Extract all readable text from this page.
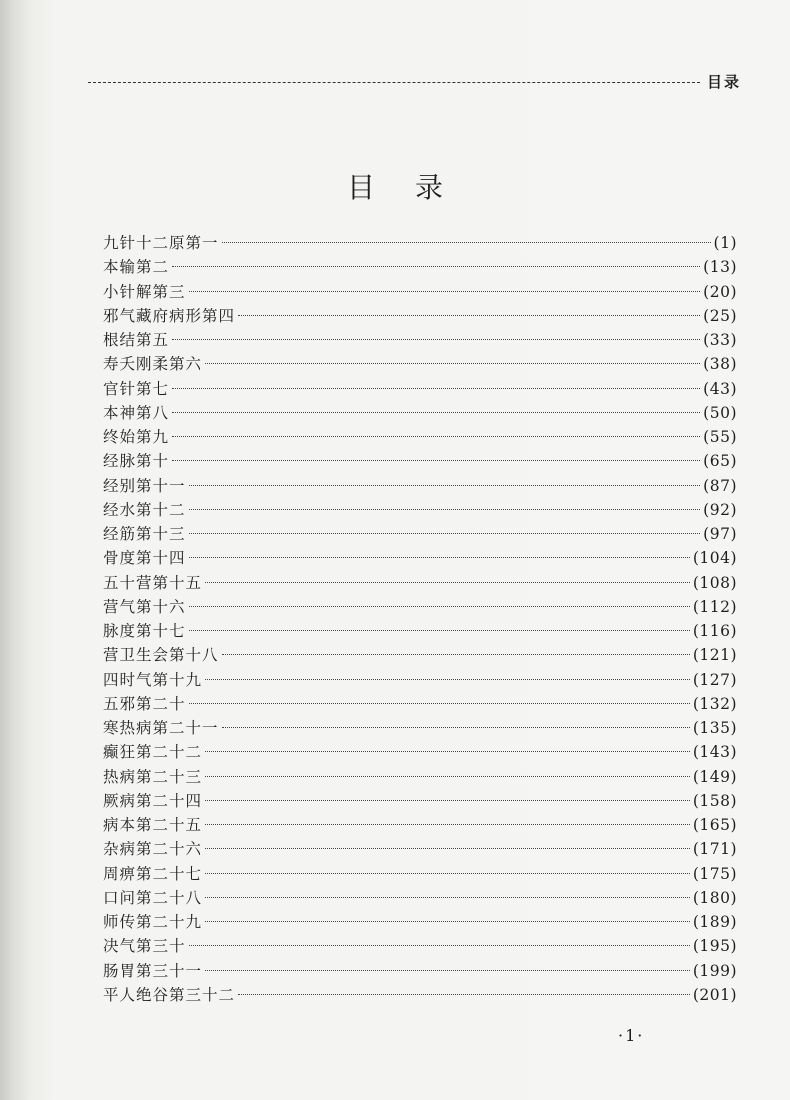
目录
目录
九针十二原第一	(1)
本输第二	(13)
小针解第三	(20)
邪气藏府病形第四	(25)
根结第五	(33)
寿夭刚柔第六	(38)
官针第七	(43)
本神第八	(50)
终始第九	(55)
经脉第十	(65)
经别第十一	(87)
经水第十二	(92)
经筋第十三	(97)
骨度第十四	(104)
五十营第十五	(108)
营气第十六	(112)
脉度第十七	(116)
营卫生会第十八	(121)
四时气第十九	(127)
五邪第二十	(132)
寒热病第二十一	(135)
癫狂第二十二	(143)
热病第二十三	(149)
厥病第二十四	(158)
病本第二十五	(165)
杂病第二十六	(171)
周痹第二十七	(175)
口问第二十八	(180)
师传第二十九	(189)
决气第三十	(195)
肠胃第三十一	(199)
平人绝谷第三十二	(201)
·1·
